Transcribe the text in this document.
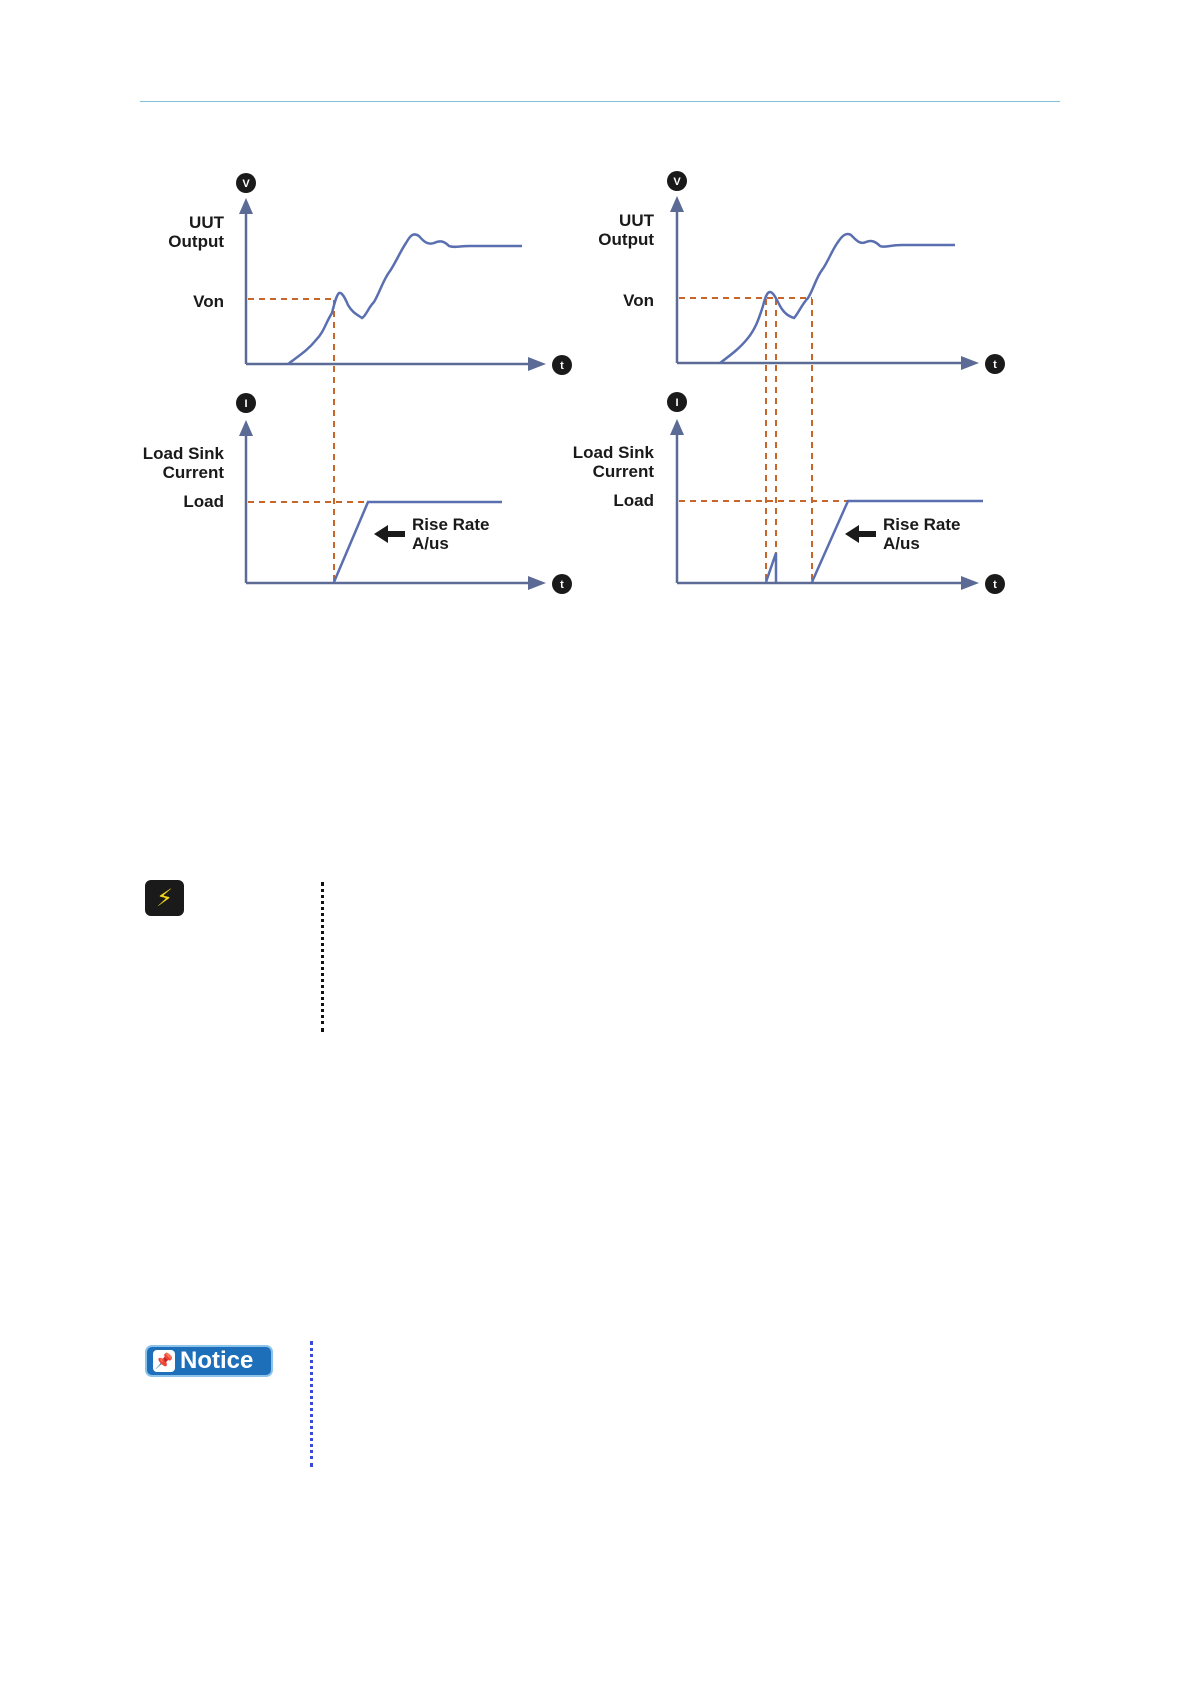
UUT
Output
Von
Load Sink
Current
Load
Rise Rate
A/us
V
t
I
t
UUT
Output
Von
Load Sink
Current
Load
Rise Rate
A/us
V
t
I
t
⚡
📌 Notice
